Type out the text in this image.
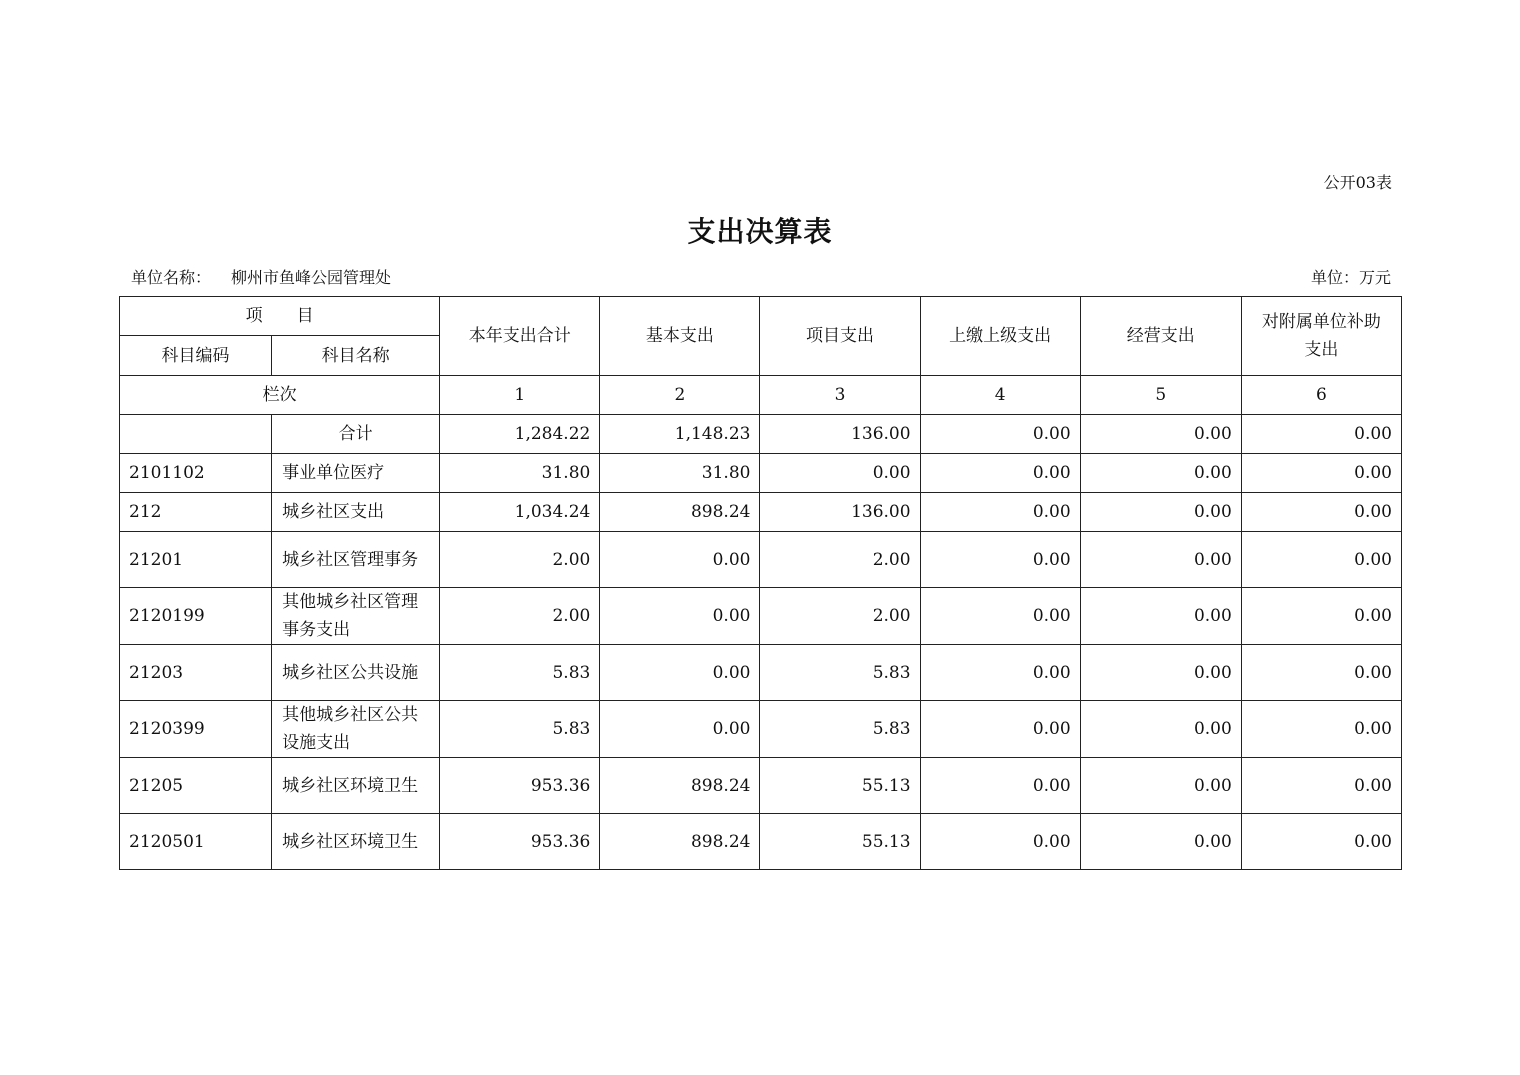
公开03表
支出决算表
单位名称： 柳州市鱼峰公园管理处	单位：万元
项　　目		本年支出合计	基本支出	项目支出	上缴上级支出	经营支出	对附属单位补助支出
科目编码	科目名称						
栏次		1	2	3	4	5	6
	合计	1,284.22	1,148.23	136.00	0.00	0.00	0.00
2101102	事业单位医疗	31.80	31.80	0.00	0.00	0.00	0.00
212	城乡社区支出	1,034.24	898.24	136.00	0.00	0.00	0.00
21201	城乡社区管理事务	2.00	0.00	2.00	0.00	0.00	0.00
2120199	其他城乡社区管理事务支出	2.00	0.00	2.00	0.00	0.00	0.00
21203	城乡社区公共设施	5.83	0.00	5.83	0.00	0.00	0.00
2120399	其他城乡社区公共设施支出	5.83	0.00	5.83	0.00	0.00	0.00
21205	城乡社区环境卫生	953.36	898.24	55.13	0.00	0.00	0.00
2120501	城乡社区环境卫生	953.36	898.24	55.13	0.00	0.00	0.00
